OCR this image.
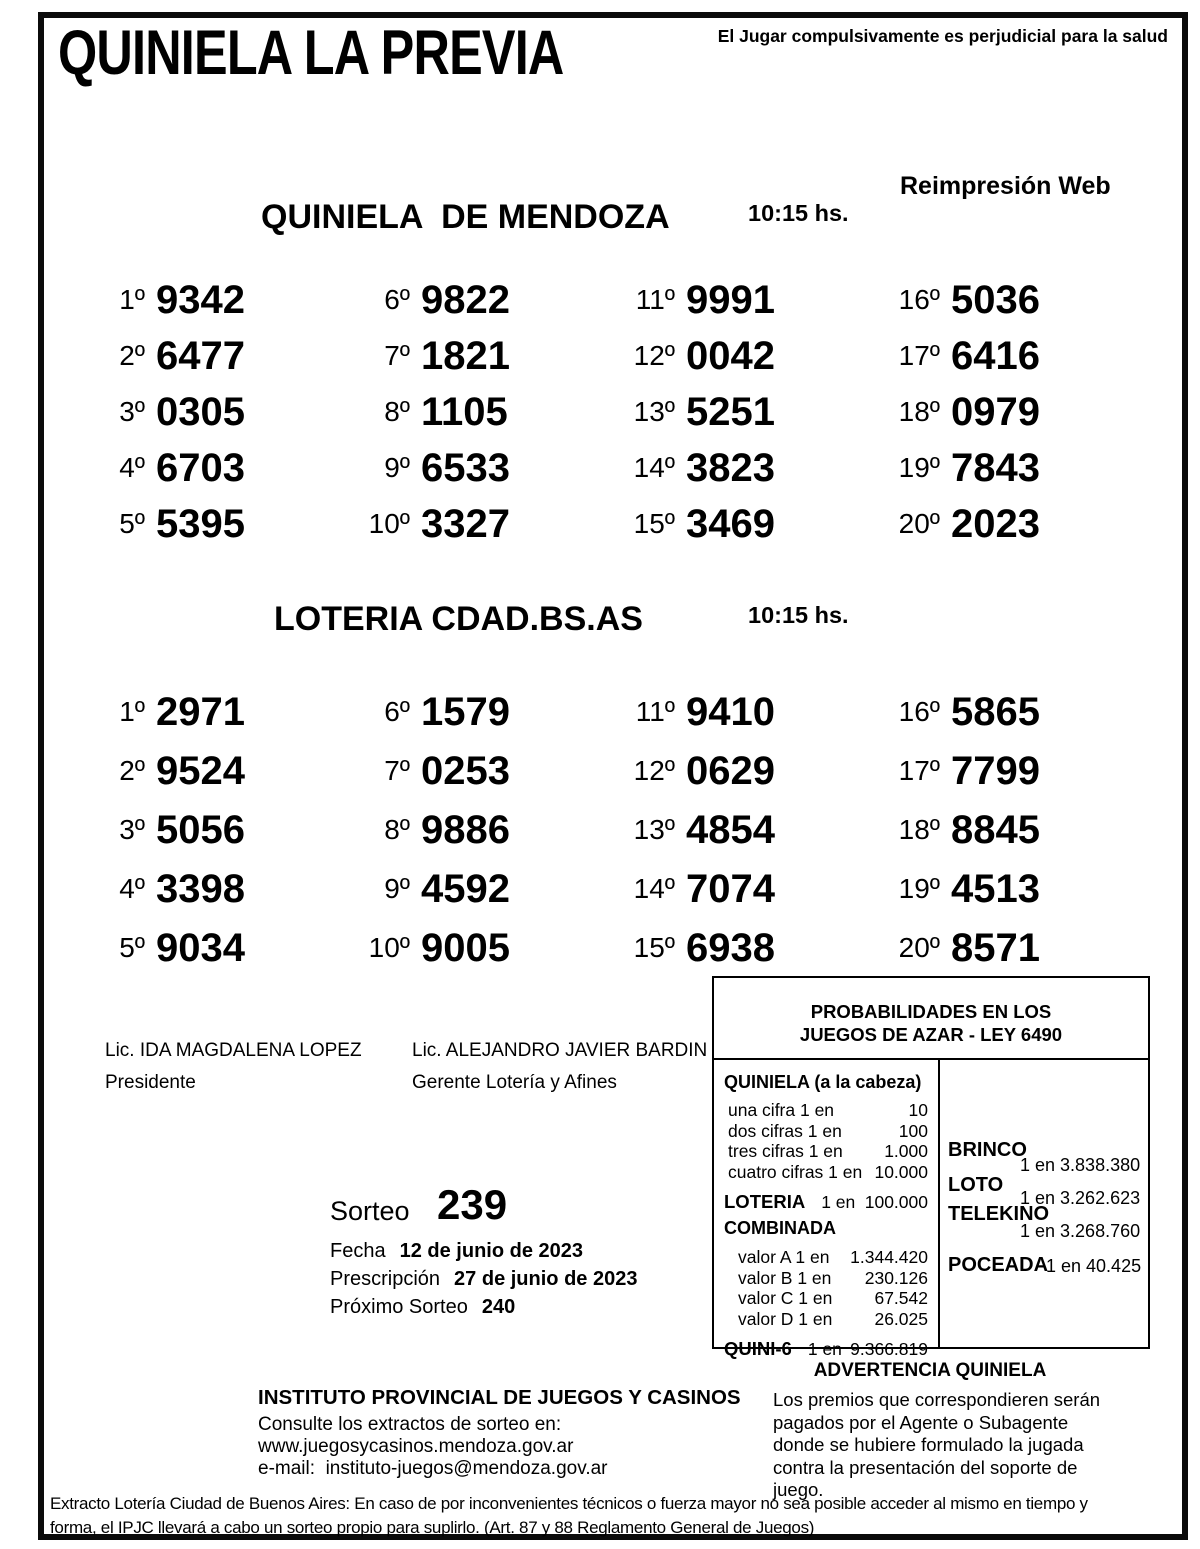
QUINIELA LA PREVIA	El Jugar compulsivamente es perjudicial para la salud
Reimpresión Web
QUINIELA  DE MENDOZA	10:15 hs.
1º 9342
2º 6477
3º 0305
4º 6703
5º 5395
6º 9822
7º 1821
8º 1105
9º 6533
10º 3327
11º 9991
12º 0042
13º 5251
14º 3823
15º 3469
16º 5036
17º 6416
18º 0979
19º 7843
20º 2023
LOTERIA CDAD.BS.AS	10:15 hs.
1º 2971
2º 9524
3º 5056
4º 3398
5º 9034
6º 1579
7º 0253
8º 9886
9º 4592
10º 9005
11º 9410
12º 0629
13º 4854
14º 7074
15º 6938
16º 5865
17º 7799
18º 8845
19º 4513
20º 8571
Lic. IDA MAGDALENA LOPEZ
Presidente
Lic. ALEJANDRO JAVIER BARDIN
Gerente Lotería y Afines
Sorteo 239
Fecha 12 de junio de 2023
Prescripción 27 de junio de 2023
Próximo Sorteo 240
PROBABILIDADES EN LOS
JUEGOS DE AZAR - LEY 6490
QUINIELA (a la cabeza)
una cifra 1 en	10
dos cifras 1 en	100
tres cifras 1 en 1.000
cuatro cifras 1 en 10.000
LOTERIA 1 en 100.000
COMBINADA
valor A 1 en 1.344.420
valor B 1 en 230.126
valor C 1 en 67.542
valor D 1 en 26.025
QUINI-6 1 en 9.366.819
BRINCO
1 en 3.838.380
LOTO
1 en 3.262.623
TELEKINO
1 en 3.268.760
POCEADA
1 en 40.425
INSTITUTO PROVINCIAL DE JUEGOS Y CASINOS
Consulte los extractos de sorteo en:
www.juegosycasinos.mendoza.gov.ar
e-mail:  instituto-juegos@mendoza.gov.ar
ADVERTENCIA QUINIELA
Los premios que correspondieren serán
pagados por el Agente o Subagente
donde se hubiere formulado la jugada
contra la presentación del soporte de juego.
Extracto Lotería Ciudad de Buenos Aires: En caso de por inconvenientes técnicos o fuerza mayor no sea posible acceder al mismo en tiempo y
forma, el IPJC llevará a cabo un sorteo propio para suplirlo. (Art. 87 y 88 Reglamento General de Juegos)
